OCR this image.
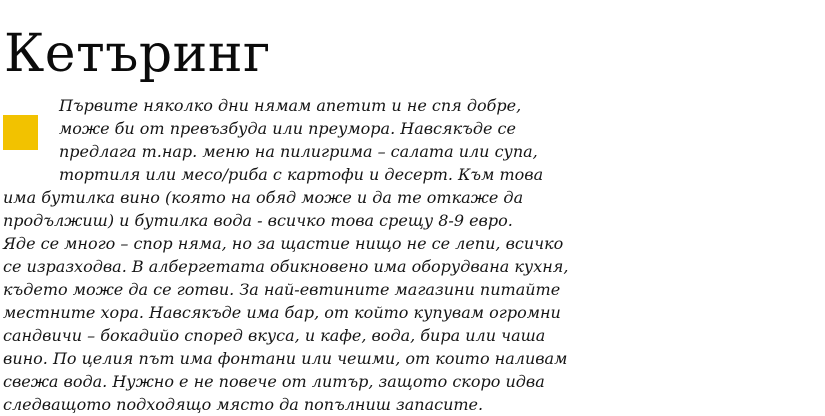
Кетъринг
Първите няколко дни нямам апетит и не спя добре,
може би от превъзбуда или преумора. Навсякъде се
предлага т.нар. меню на пилигрима – салата или супа,
тортиля или месо/риба с картофи и десерт. Към това
има бутилка вино (която на обяд може и да те откаже да
продължиш) и бутилка вода - всичко това срещу 8-9 евро.
Яде се много – спор няма, но за щастие нищо не се лепи, всичко
се изразходва. В албергетата обикновено има оборудвана кухня,
където може да се готви. За най-евтините магазини питайте
местните хора. Навсякъде има бар, от който купувам огромни
сандвичи – бокадийо според вкуса, и кафе, вода, бира или чаша
вино. По целия път има фонтани или чешми, от които наливам
свежа вода. Нужно е не повече от литър, защото скоро идва
следващото подходящо място да попълниш запасите.
